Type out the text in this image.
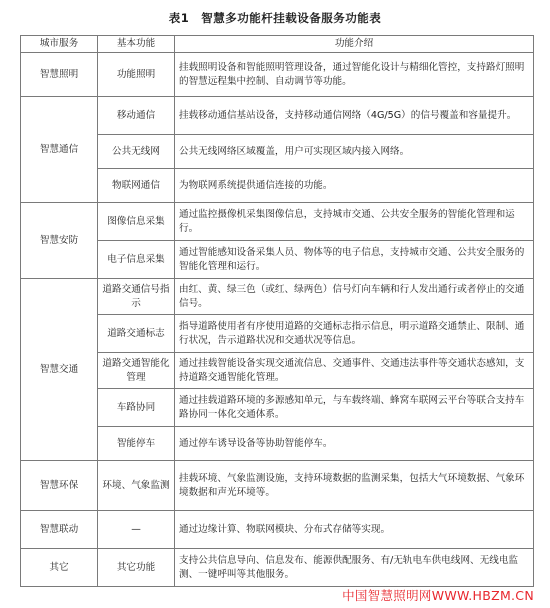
表1　智慧多功能杆挂载设备服务功能表
城市服务	基本功能	功能介绍
智慧照明	功能照明	挂载照明设备和智能照明管理设备，通过智能化设计与精细化管控，支持路灯照明的智慧远程集中控制、自动调节等功能。
智慧通信	移动通信	挂载移动通信基站设备，支持移动通信网络（4G/5G）的信号覆盖和容量提升。
	公共无线网	公共无线网络区域覆盖，用户可实现区域内接入网络。
	物联网通信	为物联网系统提供通信连接的功能。
智慧安防	图像信息采集	通过监控摄像机采集图像信息，支持城市交通、公共安全服务的智能化管理和运行。
	电子信息采集	通过智能感知设备采集人员、物体等的电子信息，支持城市交通、公共安全服务的智能化管理和运行。
智慧交通	道路交通信号指示	由红、黄、绿三色（或红、绿两色）信号灯向车辆和行人发出通行或者停止的交通信号。
	道路交通标志	指导道路使用者有序使用道路的交通标志指示信息，明示道路交通禁止、限制、通行状况，告示道路状况和交通状况等信息。
	道路交通智能化管理	通过挂载智能设备实现交通流信息、交通事件、交通违法事件等交通状态感知，支持道路交通智能化管理。
	车路协同	通过挂载道路环境的多源感知单元，与车载终端、蜂窝车联网云平台等联合支持车路协同一体化交通体系。
	智能停车	通过停车诱导设备等协助智能停车。
智慧环保	环境、气象监测	挂载环境、气象监测设施，支持环境数据的监测采集，包括大气环境数据、气象环境数据和声光环境等。
智慧联动	—	通过边缘计算、物联网模块、分布式存储等实现。
其它	其它功能	支持公共信息导向、信息发布、能源供配服务、有/无轨电车供电线网、无线电监测、一键呼叫等其他服务。
中国智慧照明网WWW.HBZM.CN
